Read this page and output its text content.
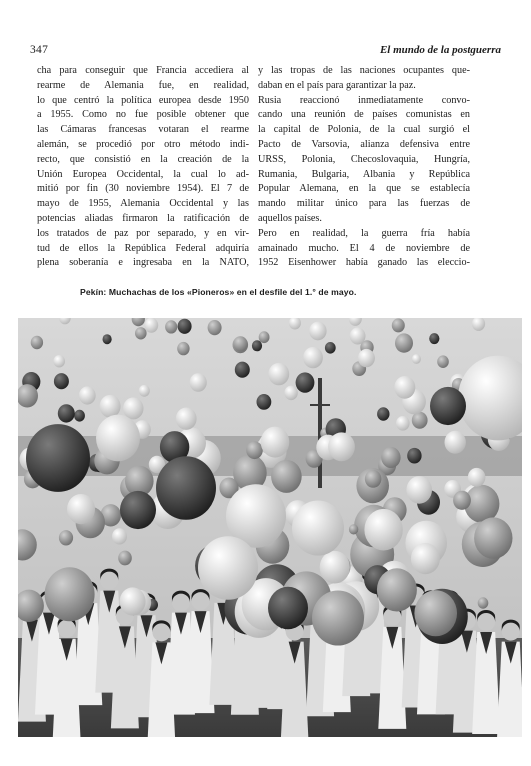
347	El mundo de la postguerra
cha para conseguir que Francia accediera al
rearme de Alemania fue, en realidad,
lo que centró la política europea desde 1950
a 1955. Como no fue posible obtener que
las Cámaras francesas votaran el rearme
alemán, se procedió por otro método indi-
recto, que consistió en la creación de la
Unión Europea Occidental, la cual lo ad-
mitió por fin (30 noviembre 1954). El 7 de
mayo de 1955, Alemania Occidental y las
potencias aliadas firmaron la ratificación de
los tratados de paz por separado, y en vir-
tud de ellos la República Federal adquiría
plena soberanía e ingresaba en la NATO,
y las tropas de las naciones ocupantes que-
daban en el país para garantizar la paz.
Rusia reaccionó inmediatamente convo-
cando una reunión de países comunistas en
la capital de Polonia, de la cual surgió el
Pacto de Varsovia, alianza defensiva entre
URSS, Polonia, Checoslovaquia, Hungría,
Rumania, Bulgaria, Albania y República
Popular Alemana, en la que se establecía
mando militar único para las fuerzas de
aquellos países.
Pero en realidad, la guerra fría había
amainado mucho. El 4 de noviembre de
1952 Eisenhower había ganado las eleccio-
Pekín: Muchachas de los «Pioneros» en el desfile del 1.° de mayo.
